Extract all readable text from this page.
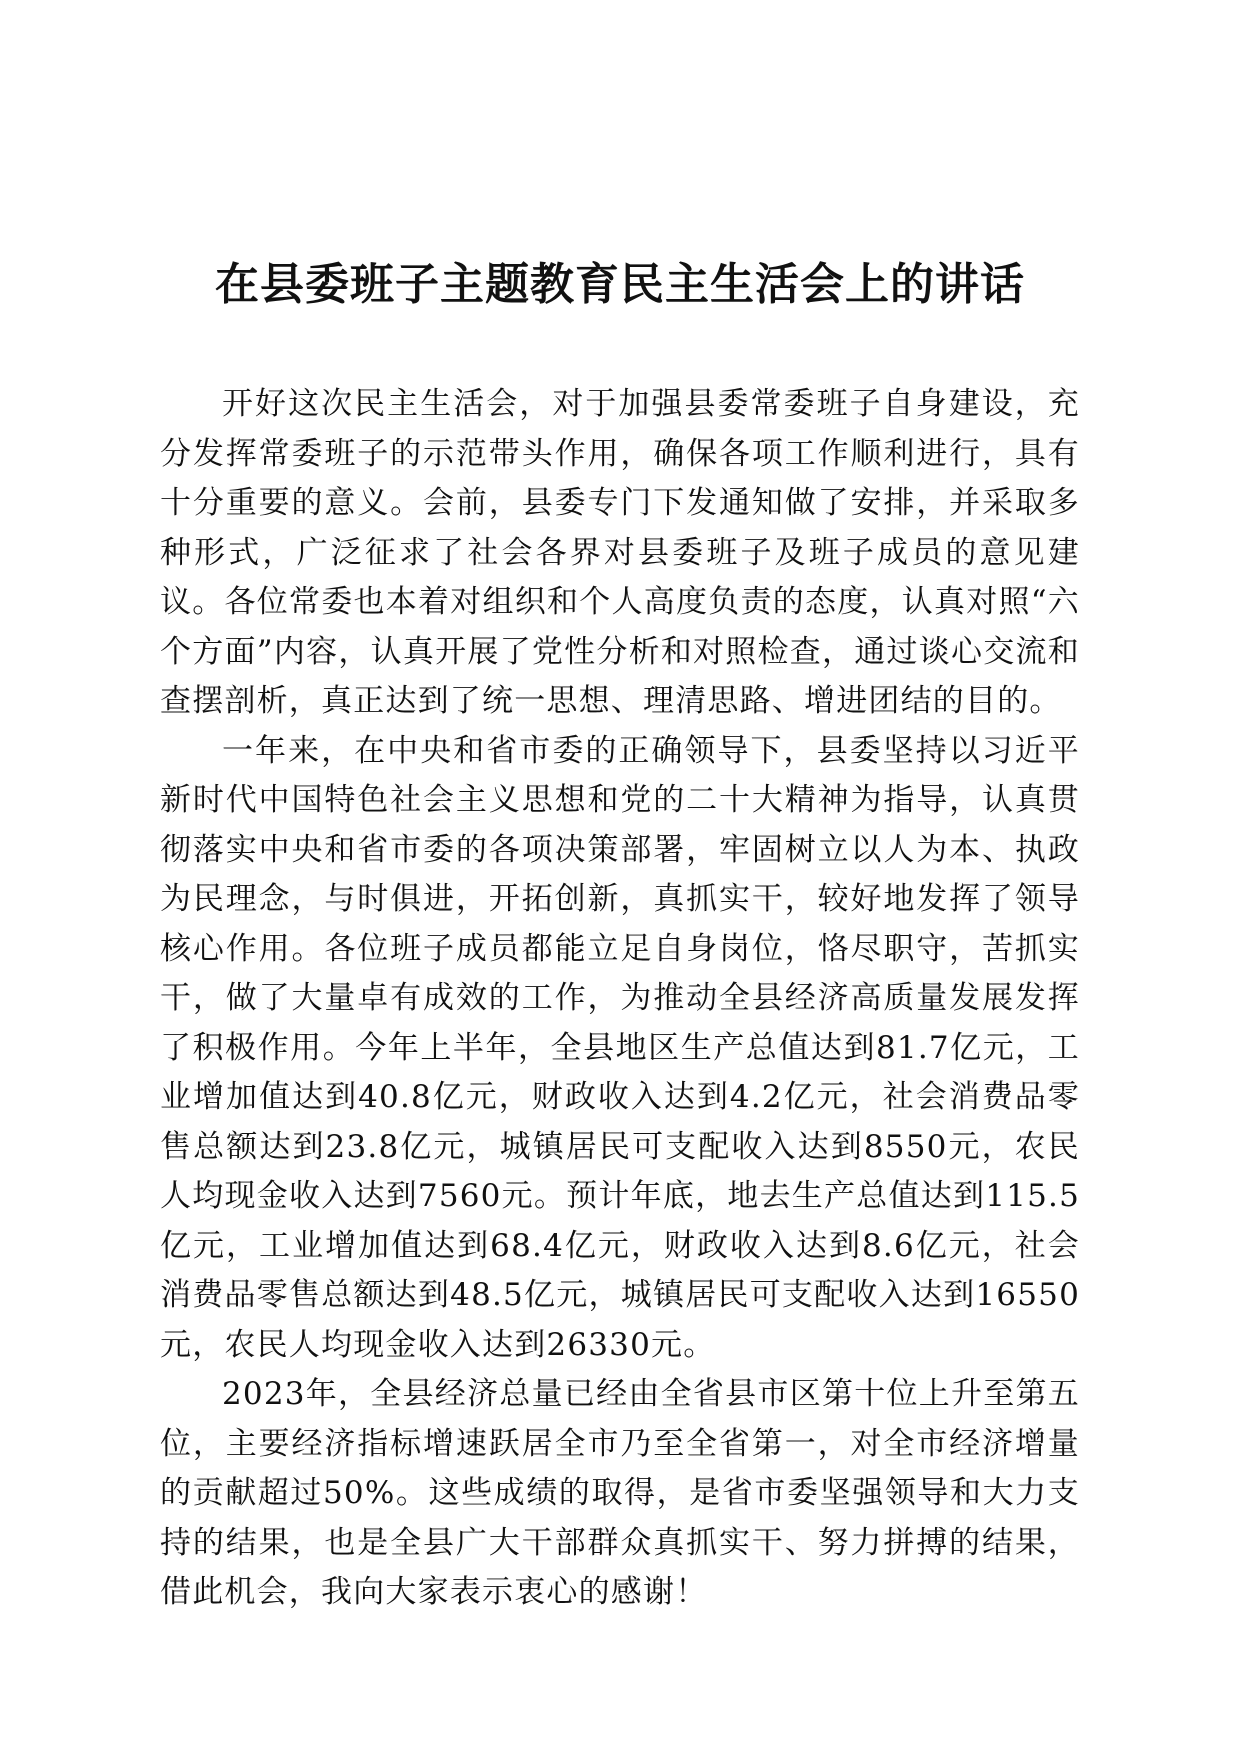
在县委班子主题教育民主生活会上的讲话

开好这次民主生活会，对于加强县委常委班子自身建设，充分发挥常委班子的示范带头作用，确保各项工作顺利进行，具有十分重要的意义。会前，县委专门下发通知做了安排，并采取多种形式，广泛征求了社会各界对县委班子及班子成员的意见建议。各位常委也本着对组织和个人高度负责的态度，认真对照“六个方面”内容，认真开展了党性分析和对照检查，通过谈心交流和查摆剖析，真正达到了统一思想、理清思路、增进团结的目的。

一年来，在中央和省市委的正确领导下，县委坚持以习近平新时代中国特色社会主义思想和党的二十大精神为指导，认真贯彻落实中央和省市委的各项决策部署，牢固树立以人为本、执政为民理念，与时俱进，开拓创新，真抓实干，较好地发挥了领导核心作用。各位班子成员都能立足自身岗位，恪尽职守，苦抓实干，做了大量卓有成效的工作，为推动全县经济高质量发展发挥了积极作用。今年上半年，全县地区生产总值达到81.7亿元，工业增加值达到40.8亿元，财政收入达到4.2亿元，社会消费品零售总额达到23.8亿元，城镇居民可支配收入达到8550元，农民人均现金收入达到7560元。预计年底，地去生产总值达到115.5亿元，工业增加值达到68.4亿元，财政收入达到8.6亿元，社会消费品零售总额达到48.5亿元，城镇居民可支配收入达到16550元，农民人均现金收入达到26330元。

2023年，全县经济总量已经由全省县市区第十位上升至第五位，主要经济指标增速跃居全市乃至全省第一，对全市经济增量的贡献超过50%。这些成绩的取得，是省市委坚强领导和大力支持的结果，也是全县广大干部群众真抓实干、努力拼搏的结果，借此机会，我向大家表示衷心的感谢！
